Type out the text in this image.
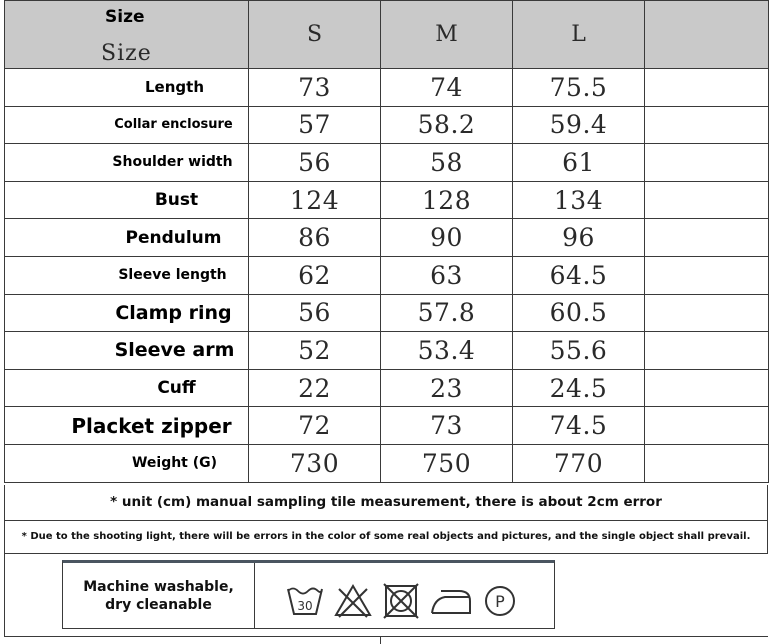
Size
Size	S	M	L	

Length	73	74	75.5	

Collar enclosure	57	58.2	59.4	

Shoulder width	56	58	61	

Bust	124	128	134	

Pendulum	86	90	96	

Sleeve length	62	63	64.5	

Clamp ring	56	57.8	60.5	

Sleeve arm	52	53.4	55.6	

Cuff	22	23	24.5	

Placket zipper	72	73	74.5	

Weight (G)	730	750	770	
* unit (cm) manual sampling tile measurement, there is about 2cm error
* Due to the shooting light, there will be errors in the color of some real objects and pictures, and the single object shall prevail.
Machine washable, dry cleanable	30	P
